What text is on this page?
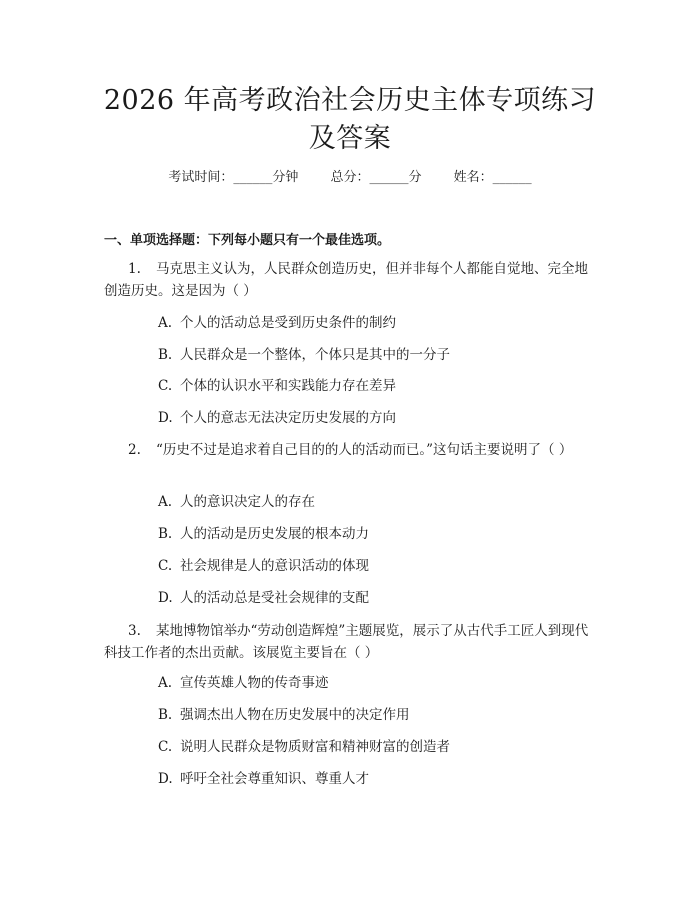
2026 年高考政治社会历史主体专项练习及答案
考试时间：______分钟 总分：______分 姓名：______
一、单项选择题：下列每小题只有一个最佳选项。
1. 马克思主义认为，人民群众创造历史，但并非每个人都能自觉地、完全地创造历史。这是因为（ ）
A. 个人的活动总是受到历史条件的制约
B. 人民群众是一个整体，个体只是其中的一分子
C. 个体的认识水平和实践能力存在差异
D. 个人的意志无法决定历史发展的方向
2. “历史不过是追求着自己目的的人的活动而已。”这句话主要说明了（ ）
A. 人的意识决定人的存在
B. 人的活动是历史发展的根本动力
C. 社会规律是人的意识活动的体现
D. 人的活动总是受社会规律的支配
3. 某地博物馆举办“劳动创造辉煌”主题展览，展示了从古代手工匠人到现代科技工作者的杰出贡献。该展览主要旨在（ ）
A. 宣传英雄人物的传奇事迹
B. 强调杰出人物在历史发展中的决定作用
C. 说明人民群众是物质财富和精神财富的创造者
D. 呼吁全社会尊重知识、尊重人才
